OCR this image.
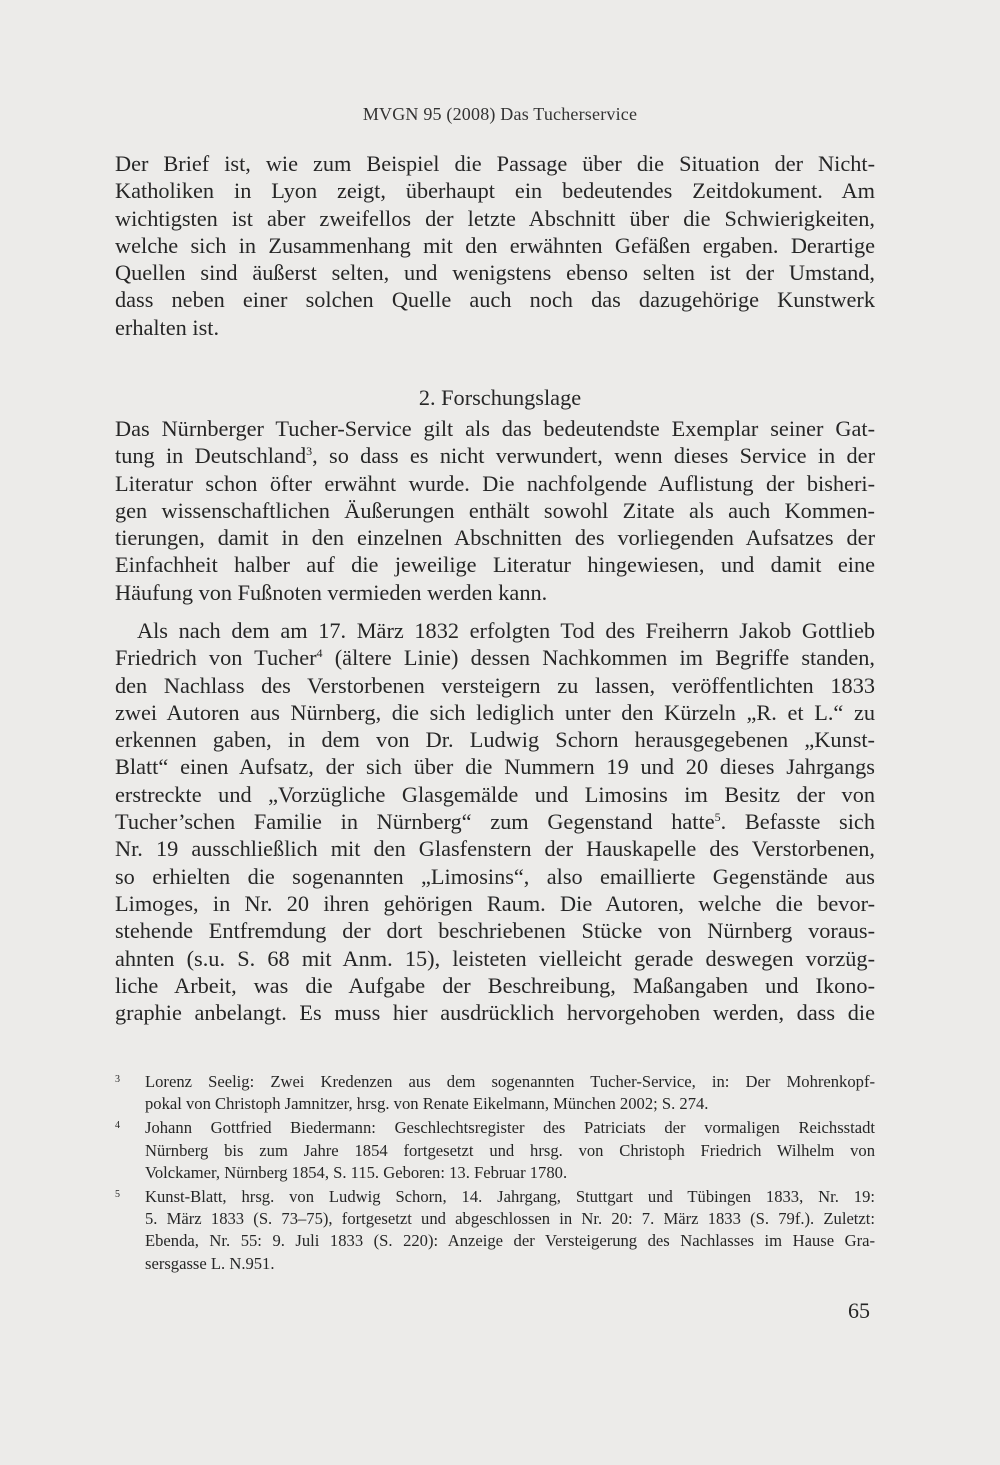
MVGN 95 (2008) Das Tucherservice
Der Brief ist, wie zum Beispiel die Passage über die Situation der Nicht-
Katholiken in Lyon zeigt, überhaupt ein bedeutendes Zeitdokument. Am
wichtigsten ist aber zweifellos der letzte Abschnitt über die Schwierigkeiten,
welche sich in Zusammenhang mit den erwähnten Gefäßen ergaben. Derartige
Quellen sind äußerst selten, und wenigstens ebenso selten ist der Umstand,
dass neben einer solchen Quelle auch noch das dazugehörige Kunstwerk
erhalten ist.
2. Forschungslage
Das Nürnberger Tucher-Service gilt als das bedeutendste Exemplar seiner Gat-
tung in Deutschland$^3$, so dass es nicht verwundert, wenn dieses Service in der
Literatur schon öfter erwähnt wurde. Die nachfolgende Auflistung der bisheri-
gen wissenschaftlichen Äußerungen enthält sowohl Zitate als auch Kommen-
tierungen, damit in den einzelnen Abschnitten des vorliegenden Aufsatzes der
Einfachheit halber auf die jeweilige Literatur hingewiesen, und damit eine
Häufung von Fußnoten vermieden werden kann.
Als nach dem am 17. März 1832 erfolgten Tod des Freiherrn Jakob Gottlieb
Friedrich von Tucher$^4$ (ältere Linie) dessen Nachkommen im Begriffe standen,
den Nachlass des Verstorbenen versteigern zu lassen, veröffentlichten 1833
zwei Autoren aus Nürnberg, die sich lediglich unter den Kürzeln „R. et L.“ zu
erkennen gaben, in dem von Dr. Ludwig Schorn herausgegebenen „Kunst-
Blatt“ einen Aufsatz, der sich über die Nummern 19 und 20 dieses Jahrgangs
erstreckte und „Vorzügliche Glasgemälde und Limosins im Besitz der von
Tucher’schen Familie in Nürnberg“ zum Gegenstand hatte$^5$. Befasste sich
Nr. 19 ausschließlich mit den Glasfenstern der Hauskapelle des Verstorbenen,
so erhielten die sogenannten „Limosins“, also emaillierte Gegenstände aus
Limoges, in Nr. 20 ihren gehörigen Raum. Die Autoren, welche die bevor-
stehende Entfremdung der dort beschriebenen Stücke von Nürnberg voraus-
ahnten (s.u. S. 68 mit Anm. 15), leisteten vielleicht gerade deswegen vorzüg-
liche Arbeit, was die Aufgabe der Beschreibung, Maßangaben und Ikono-
graphie anbelangt. Es muss hier ausdrücklich hervorgehoben werden, dass die
3 Lorenz Seelig: Zwei Kredenzen aus dem sogenannten Tucher-Service, in: Der Mohrenkopf-
pokal von Christoph Jamnitzer, hrsg. von Renate Eikelmann, München 2002; S. 274.
4 Johann Gottfried Biedermann: Geschlechtsregister des Patriciats der vormaligen Reichsstadt
Nürnberg bis zum Jahre 1854 fortgesetzt und hrsg. von Christoph Friedrich Wilhelm von
Volckamer, Nürnberg 1854, S. 115. Geboren: 13. Februar 1780.
5 Kunst-Blatt, hrsg. von Ludwig Schorn, 14. Jahrgang, Stuttgart und Tübingen 1833, Nr. 19:
5. März 1833 (S. 73–75), fortgesetzt und abgeschlossen in Nr. 20: 7. März 1833 (S. 79f.). Zuletzt:
Ebenda, Nr. 55: 9. Juli 1833 (S. 220): Anzeige der Versteigerung des Nachlasses im Hause Gra-
sersgasse L. N.951.
65
